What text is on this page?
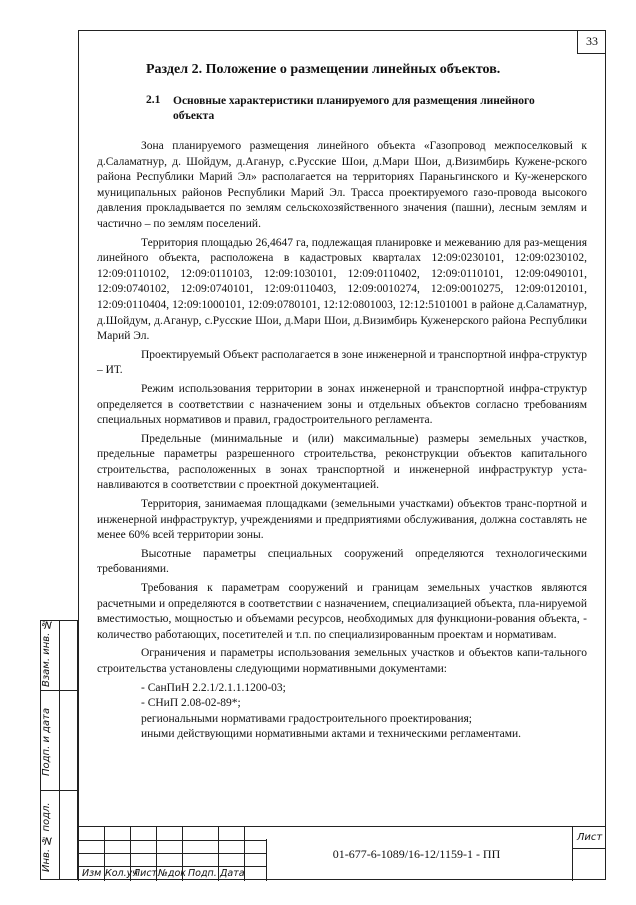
33
Раздел 2. Положение о размещении линейных объектов.
2.1 Основные характеристики планируемого для размещения линейного объекта

Зона планируемого размещения линейного объекта «Газопровод межпоселковый к д.Саламатнур, д. Шойдум, д.Агануp, с.Русские Шои, д.Мари Шои, д.Визимбирь Кужене-рского района Республики Марий Эл» располагается на территориях Параньгинского и Ку-женерского муниципальных районов Республики Марий Эл. Трасса проектируемого газо-провода высокого давления прокладывается по землям сельскохозяйственного значения (пашни), лесным землям и частично – по землям поселений.

Территория площадью 26,4647 га, подлежащая планировке и межеванию для раз-мещения линейного объекта, расположена в кадастровых кварталах 12:09:0230101, 12:09:0230102, 12:09:0110102, 12:09:0110103, 12:09:1030101, 12:09:0110402, 12:09:0110101, 12:09:0490101, 12:09:0740102, 12:09:0740101, 12:09:0110403, 12:09:0010274, 12:09:0010275, 12:09:0120101, 12:09:0110404, 12:09:1000101, 12:09:0780101, 12:12:0801003, 12:12:5101001 в районе д.Саламатнур, д.Шойдум, д.Агануp, с.Русские Шои, д.Мари Шои, д.Визимбирь Куженерского района Республики Марий Эл.

Проектируемый Объект располагается в зоне инженерной и транспортной инфра-структур – ИТ.

Режим использования территории в зонах инженерной и транспортной инфра-структур определяется в соответствии с назначением зоны и отдельных объектов согласно требованиям специальных нормативов и правил, градостроительного регламента.

Предельные (минимальные и (или) максимальные) размеры земельных участков, предельные параметры разрешенного строительства, реконструкции объектов капитального строительства, расположенных в зонах транспортной и инженерной инфраструктур уста-навливаются в соответствии с проектной документацией.

Территория, занимаемая площадками (земельными участками) объектов транс-портной и инженерной инфраструктур, учреждениями и предприятиями обслуживания, должна составлять не менее 60% всей территории зоны.

Высотные параметры специальных сооружений определяются технологическими требованиями.

Требования к параметрам сооружений и границам земельных участков являются расчетными и определяются в соответствии с назначением, специализацией объекта, пла-нируемой вместимостью, мощностью и объемами ресурсов, необходимых для функциони-рования объекта, - количество работающих, посетителей и т.п. по специализированным проектам и нормативам.

Ограничения и параметры использования земельных участков и объектов капи-тального строительства установлены следующими нормативными документами:

- СанПиН 2.2.1/2.1.1.1200-03;

- СНиП 2.08-02-89*;

региональными нормативами градостроительного проектирования;

иными действующими нормативными актами и техническими регламентами.

Взам. инв. №
Подп. и дата
Инв. № подл.
Изм Кол.уч
Лист №док Подп. Дата
01-677-6-1089/16-12/1159-1 - ПП
Лист
